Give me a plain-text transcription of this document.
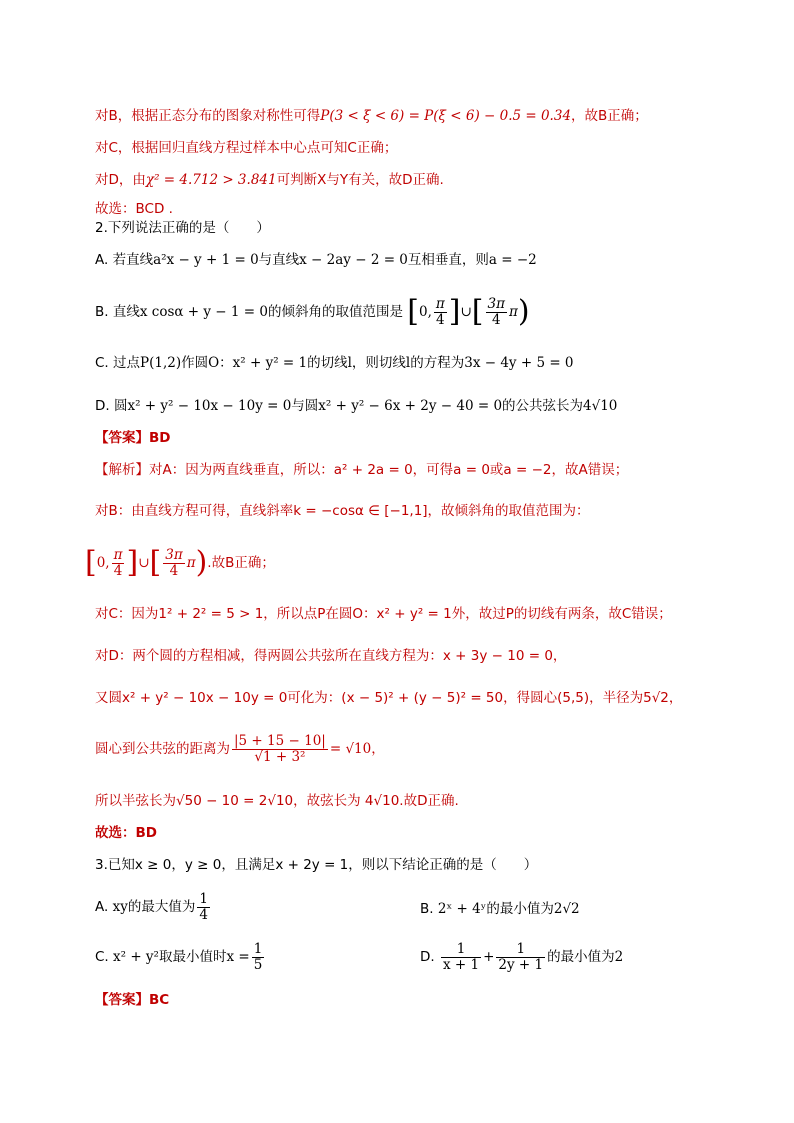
对B，根据正态分布的图象对称性可得P(3 < ξ < 6) = P(ξ < 6) − 0.5 = 0.34，故B正确；
对C，根据回归直线方程过样本中心点可知C正确；
对D，由χ² = 4.712 > 3.841可判断X与Y有关，故D正确.
故选：BCD .
2.下列说法正确的是（　　）
A. 若直线a²x − y + 1 = 0与直线x − 2ay − 2 = 0互相垂直，则a = −2
B. 直线x cosα + y − 1 = 0的倾斜角的取值范围是 [0, $\frac{\pi}{4}$ ]∪[ $\frac{3\pi}{4} \pi$)
C. 过点P(1,2)作圆O：x² + y² = 1的切线l，则切线l的方程为3x − 4y + 5 = 0
D. 圆x² + y² − 10x − 10y = 0与圆x² + y² − 6x + 2y − 40 = 0的公共弦长为4√10
【答案】BD
【解析】对A：因为两直线垂直，所以：a² + 2a = 0，可得a = 0或a = −2，故A错误；
对B：由直线方程可得，直线斜率k = −cosα ∈ [−1,1]，故倾斜角的取值范围为：
[0, $\frac{\pi}{4}$ ]∪[ $\frac{3\pi}{4} \pi$).故B正确；
对C：因为1² + 2² = 5 > 1，所以点P在圆O：x² + y² = 1外，故过P的切线有两条，故C错误；
对D：两个圆的方程相减，得两圆公共弦所在直线方程为：x + 3y − 10 = 0，
又圆x² + y² − 10x − 10y = 0可化为：(x − 5)² + (y − 5)² = 50，得圆心(5,5)，半径为5√2，
圆心到公共弦的距离为 $\frac{|5 + 15 - 10|}{\text{√1 + 3²}} = √10$，
所以半弦长为√50 − 10 = 2√10，故弦长为 4√10.故D正确.
故选：BD
3.已知x ≥ 0，y ≥ 0，且满足x + 2y = 1，则以下结论正确的是（　　）
A. xy的最大值为 $\frac{1}{4}$	B. 2ˣ + 4ʸ的最小值为2√2
C. x² + y²取最小值时$x = \frac{1}{5}$	D. $\frac{1}{x + 1} + \frac{1}{2y + 1}$ 的最小值为2
【答案】BC
